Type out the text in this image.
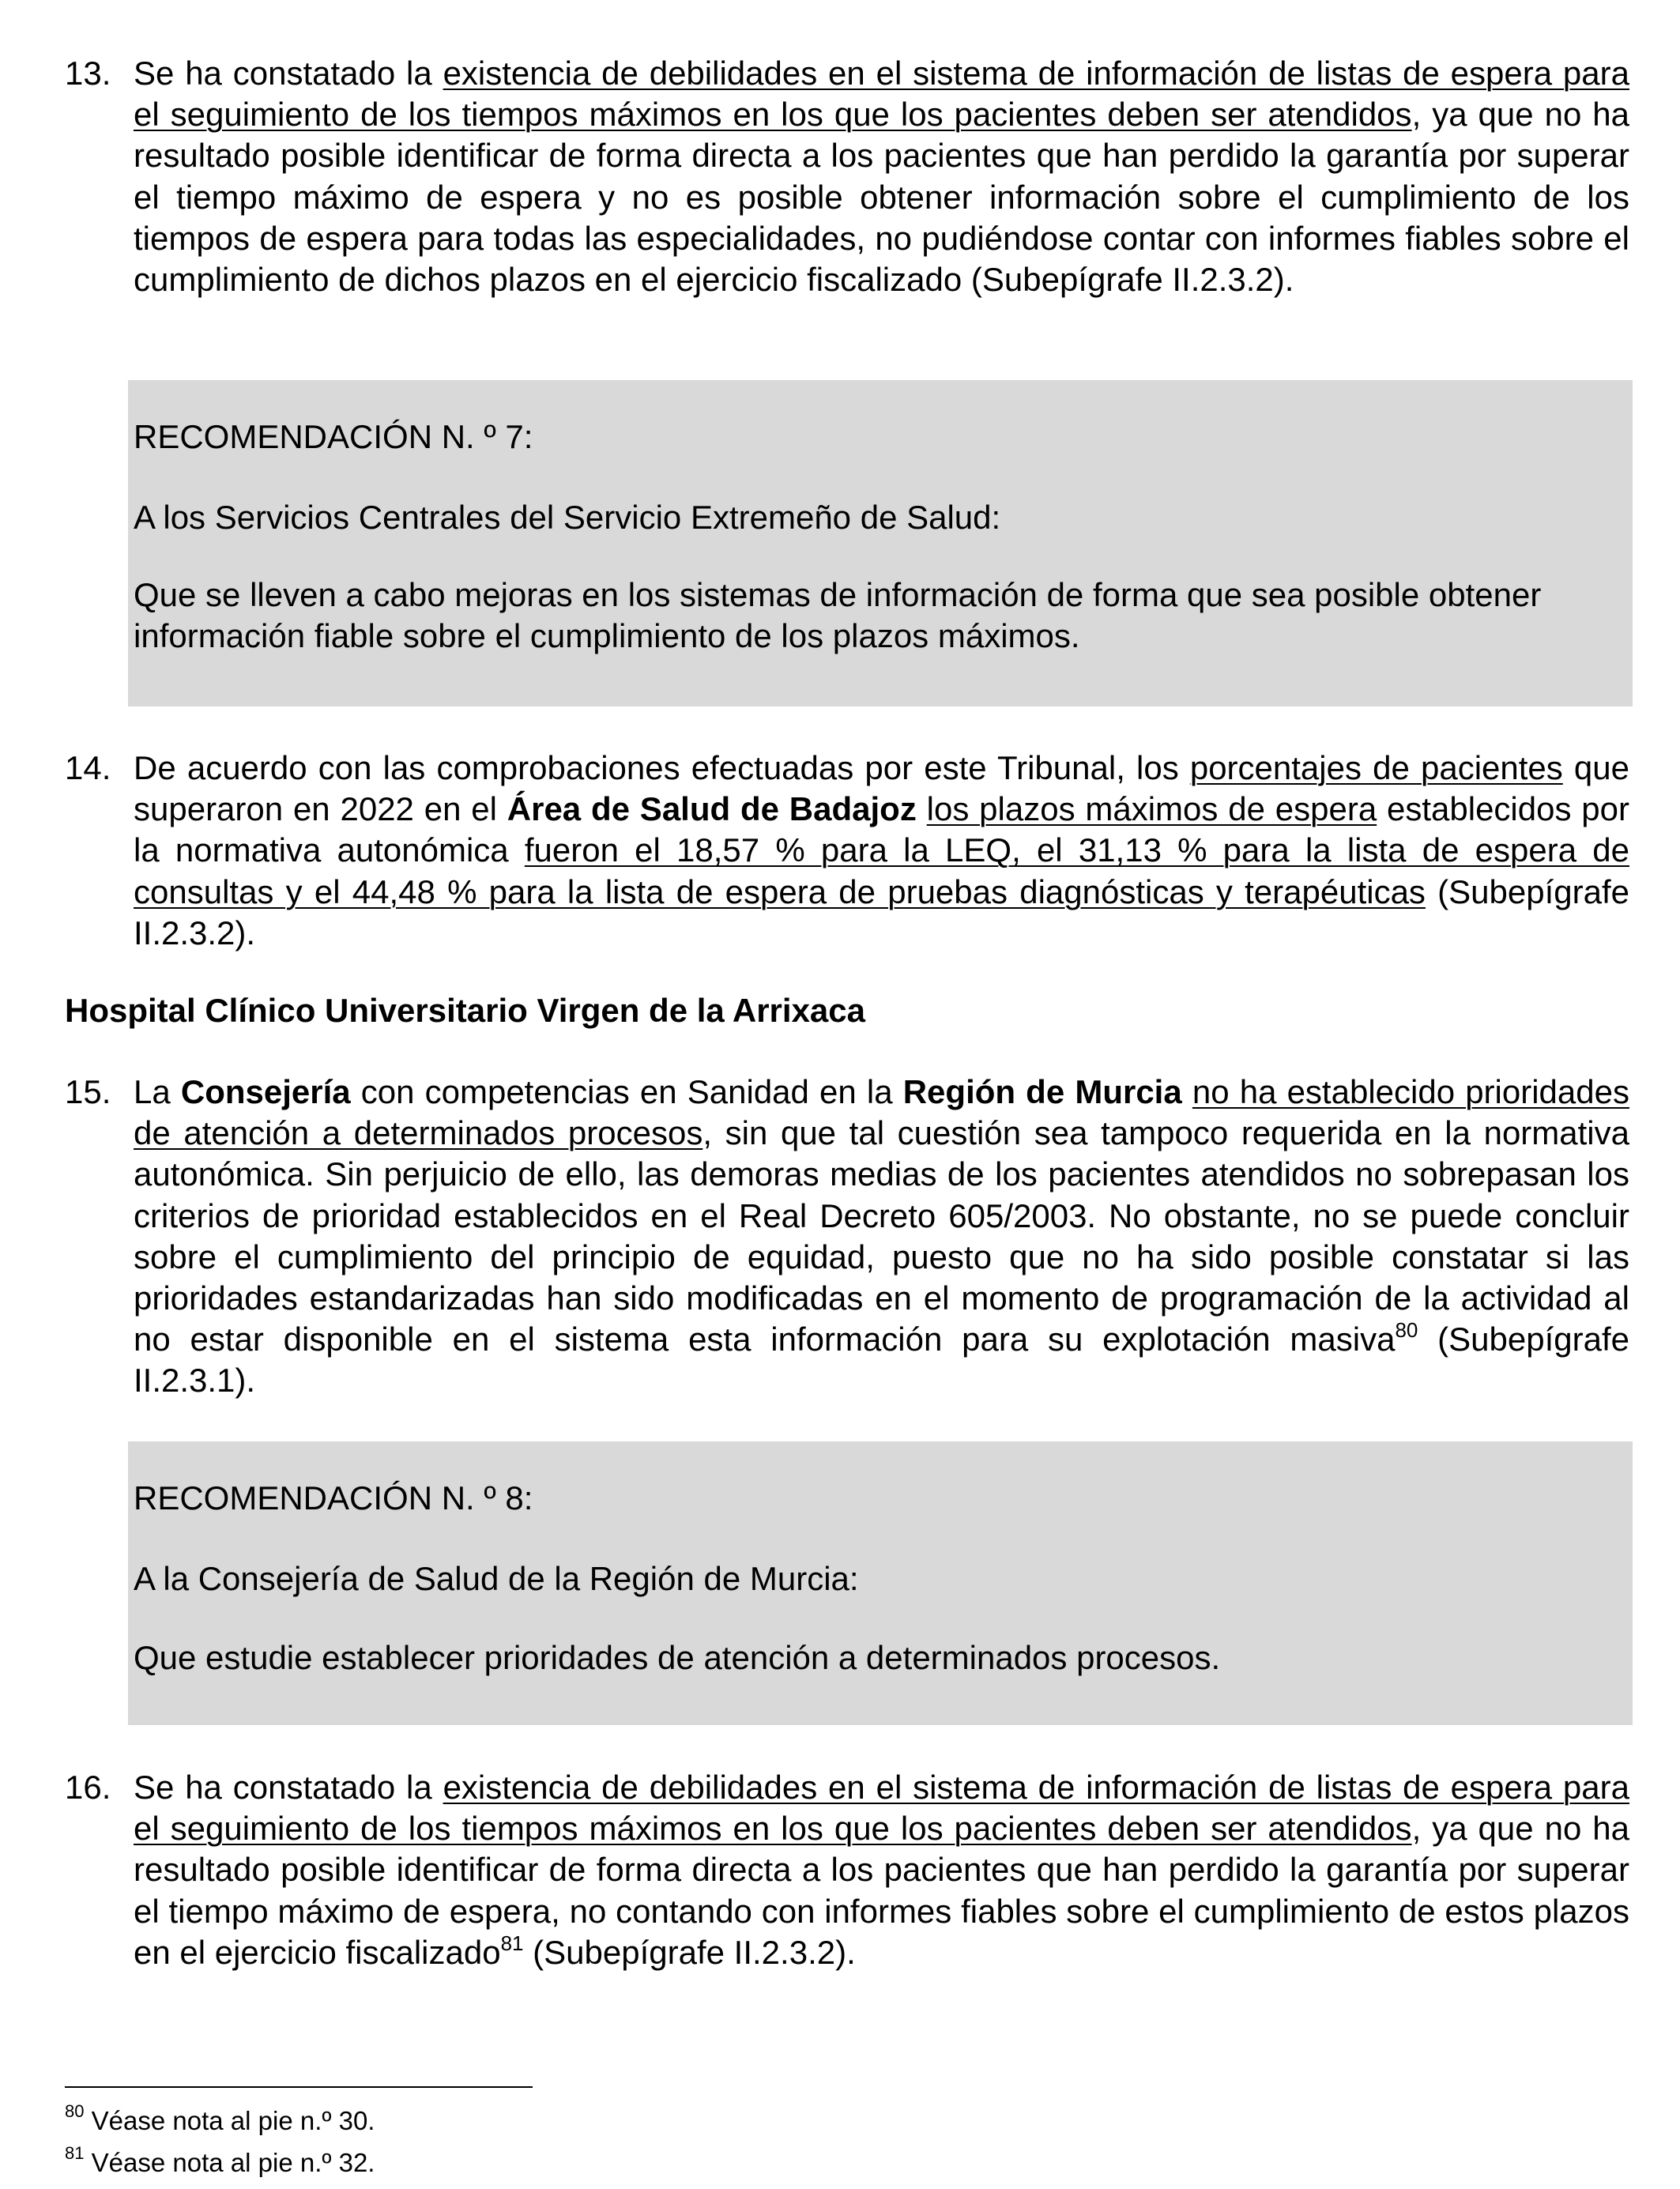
13. Se ha constatado la existencia de debilidades en el sistema de información de listas de espera para el seguimiento de los tiempos máximos en los que los pacientes deben ser atendidos, ya que no ha resultado posible identificar de forma directa a los pacientes que han perdido la garantía por superar el tiempo máximo de espera y no es posible obtener información sobre el cumplimiento de los tiempos de espera para todas las especialidades, no pudiéndose contar con informes fiables sobre el cumplimiento de dichos plazos en el ejercicio fiscalizado (Subepígrafe II.2.3.2).
RECOMENDACIÓN N. º 7:
A los Servicios Centrales del Servicio Extremeño de Salud:
Que se lleven a cabo mejoras en los sistemas de información de forma que sea posible obtener información fiable sobre el cumplimiento de los plazos máximos.
14. De acuerdo con las comprobaciones efectuadas por este Tribunal, los porcentajes de pacientes que superaron en 2022 en el Área de Salud de Badajoz los plazos máximos de espera establecidos por la normativa autonómica fueron el 18,57 % para la LEQ, el 31,13 % para la lista de espera de consultas y el 44,48 % para la lista de espera de pruebas diagnósticas y terapéuticas (Subepígrafe II.2.3.2).
Hospital Clínico Universitario Virgen de la Arrixaca
15. La Consejería con competencias en Sanidad en la Región de Murcia no ha establecido prioridades de atención a determinados procesos, sin que tal cuestión sea tampoco requerida en la normativa autonómica. Sin perjuicio de ello, las demoras medias de los pacientes atendidos no sobrepasan los criterios de prioridad establecidos en el Real Decreto 605/2003. No obstante, no se puede concluir sobre el cumplimiento del principio de equidad, puesto que no ha sido posible constatar si las prioridades estandarizadas han sido modificadas en el momento de programación de la actividad al no estar disponible en el sistema esta información para su explotación masiva$^{80}$ (Subepígrafe II.2.3.1).
RECOMENDACIÓN N. º 8:
A la Consejería de Salud de la Región de Murcia:
Que estudie establecer prioridades de atención a determinados procesos.
16. Se ha constatado la existencia de debilidades en el sistema de información de listas de espera para el seguimiento de los tiempos máximos en los que los pacientes deben ser atendidos, ya que no ha resultado posible identificar de forma directa a los pacientes que han perdido la garantía por superar el tiempo máximo de espera, no contando con informes fiables sobre el cumplimiento de estos plazos en el ejercicio fiscalizado$^{81}$ (Subepígrafe II.2.3.2).
$^{80}$ Véase nota al pie n.º 30.
$^{81}$ Véase nota al pie n.º 32.
